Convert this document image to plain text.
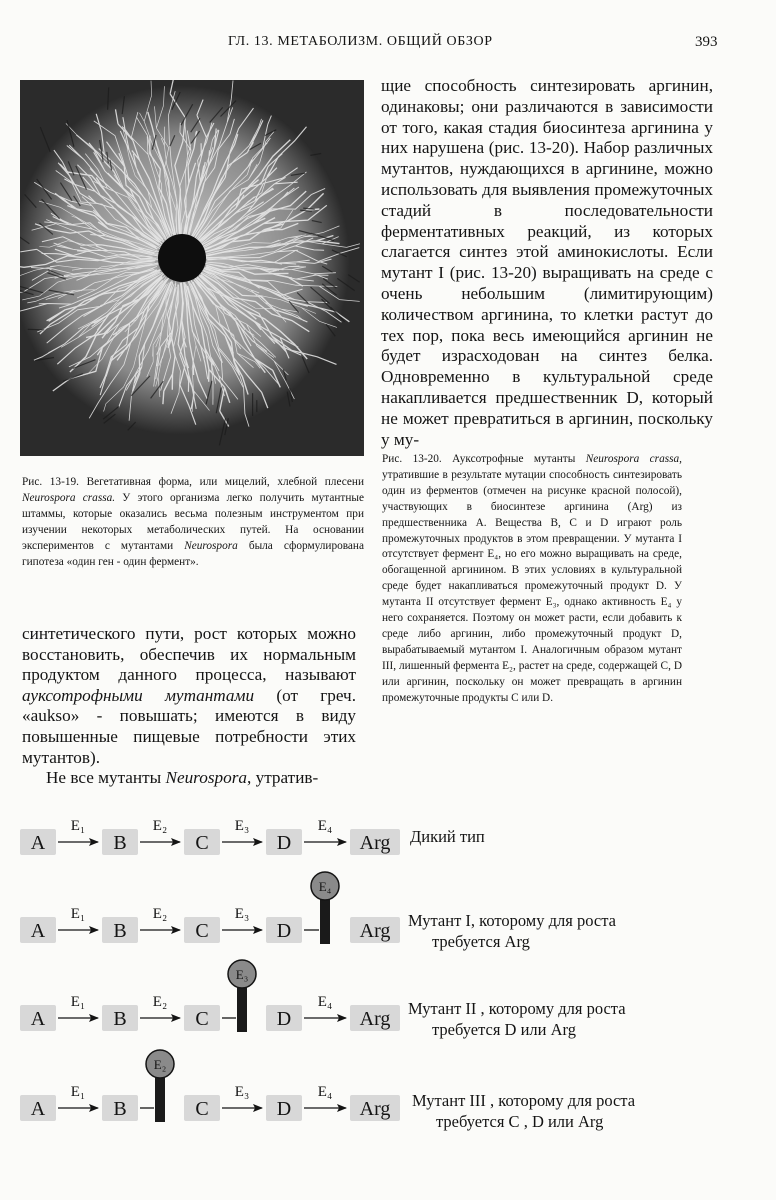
ГЛ. 13. МЕТАБОЛИЗМ. ОБЩИЙ ОБЗОР	393

Рис. 13-19. Вегетативная форма, или мицелий, хлебной плесени Neurospora crassa. У этого организма легко получить мутантные штаммы, которые оказались весьма полезным инструментом при изучении некоторых метаболических путей. На основании экспериментов с мутантами Neurospora была сформулирована гипотеза «один ген - один фермент».

щие способность синтезировать аргинин, одинаковы; они различаются в зависимости от того, какая стадия биосинтеза аргинина у них нарушена (рис. 13-20). Набор различных мутантов, нуждающихся в аргинине, можно использовать для выявления промежуточных стадий в последовательности ферментативных реакций, из которых слагается синтез этой аминокислоты. Если мутант I (рис. 13-20) выращивать на среде с очень небольшим (лимитирующим) количеством аргинина, то клетки растут до тех пор, пока весь имеющийся аргинин не будет израсходован на синтез белка. Одновременно в культуральной среде накапливается предшественник D, который не может превратиться в аргинин, поскольку у му-

Рис. 13-20. Ауксотрофные мутанты Neurospora crassa, утратившие в результате мутации способность синтезировать один из ферментов (отмечен на рисунке красной полосой), участвующих в биосинтезе аргинина (Arg) из предшественника А. Вещества В, С и D играют роль промежуточных продуктов в этом превращении. У мутанта I отсутствует фермент E₄, но его можно выращивать на среде, обогащенной аргинином. В этих условиях в культуральной среде будет накапливаться промежуточный продукт D. У мутанта II отсутствует фермент E₃, однако активность E₄ у него сохраняется. Поэтому он может расти, если добавить к среде либо аргинин, либо промежуточный продукт D, вырабатываемый мутантом I. Аналогичным образом мутант III, лишенный фермента E₂, растет на среде, содержащей С, D или аргинин, поскольку он может превращать в аргинин промежуточные продукты С или D.

синтетического пути, рост которых можно восстановить, обеспечив их нормальным продуктом данного процесса, называют ауксотрофными мутантами (от греч. «auksо» - повышать; имеются в виду повышенные пищевые потребности этих мутантов).

Не все мутанты Neurospora, утратив-

A	B	C	D	Arg
E₁	E₂	E₃	E₄
A	B	C	D	Arg
E₁	E₂	E₃
E₄
A	B	C	D	Arg
E₁	E₂
E₃
E₄
A	B	C	D	Arg
E₁
E₂
E₃	E₄
Дикий тип
Мутант I, которому для роста
требуется Arg
Мутант II , которому для роста
требуется D или Arg
Мутант III , которому для роста
требуется С , D или Arg
